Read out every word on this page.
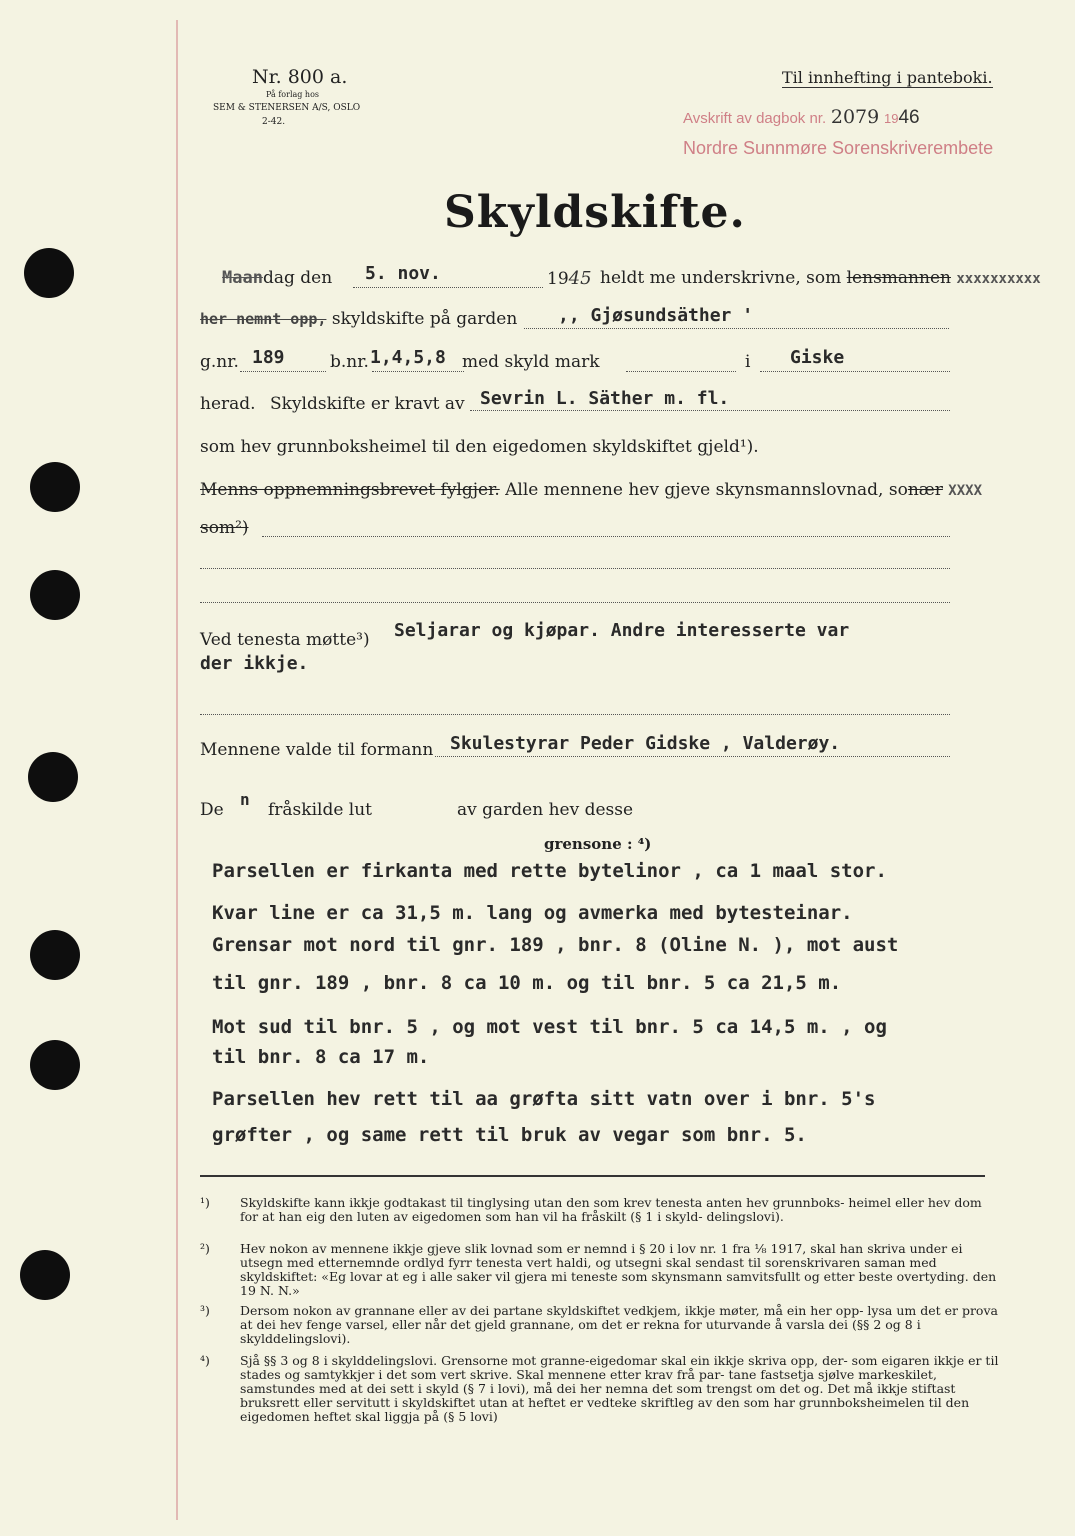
Nr. 800 a.
På forlag hos
SEM & STENERSEN A/S, OSLO
2-42.
Til innhefting i panteboki.
Avskrift av dagbok nr. 2079 1946
Nordre Sunnmøre Sorenskriverembete
Skyldskifte.
Maandag den 5. nov.	1945 heldt me underskrivne, som lensmannen xxxxxxxxxx
her nemnt opp, skyldskifte på garden ,, Gjøsundsäther '
g.nr. 189	b.nr. 1,4,5,8 med skyld mark	i Giske
herad. Skyldskifte er kravt av Sevrin L. Säther m. fl.
som hev grunnboksheimel til den eigedomen skyldskiftet gjeld¹).
Menns oppnemningsbrevet fylgjer. Alle mennene hev gjeve skynsmannslovnad, sonær XXXX
som²)
Ved tenesta møtte³) Seljarar og kjøpar. Andre interesserte var
der ikkje.
Mennene valde til formann Skulestyrar Peder Gidske , Valderøy.
De
n
fråskilde lut	av garden hev desse
grensone : ⁴)
Parsellen er firkanta med rette bytelinor , ca 1 maal stor.
Kvar line er ca 31,5 m. lang og avmerka med bytesteinar.
Grensar mot nord til gnr. 189 , bnr. 8 (Oline N. ), mot aust
til gnr. 189 , bnr. 8 ca 10 m. og til bnr. 5 ca 21,5 m.
Mot sud til bnr. 5 , og mot vest til bnr. 5 ca 14,5 m. , og
til bnr. 8 ca 17 m.
Parsellen hev rett til aa grøfta sitt vatn over i bnr. 5's
grøfter , og same rett til bruk av vegar som bnr. 5.
¹)	Skyldskifte kann ikkje godtakast til tinglysing utan den som krev tenesta anten hev grunnboks- heimel eller hev dom for at han eig den luten av eigedomen som han vil ha fråskilt (§ 1 i skyld- delingslovi).
²)	Hev nokon av mennene ikkje gjeve slik lovnad som er nemnd i § 20 i lov nr. 1 fra ⅛ 1917, skal han skriva under ei utsegn med etternemnde ordlyd fyrr tenesta vert haldi, og utsegni skal sendast til sorenskrivaren saman med skyldskiftet: «Eg lovar at eg i alle saker vil gjera mi teneste som skynsmann samvitsfullt og etter beste overtyding. den 19 N. N.»
³)	Dersom nokon av grannane eller av dei partane skyldskiftet vedkjem, ikkje møter, må ein her opp- lysa um det er prova at dei hev fenge varsel, eller når det gjeld grannane, om det er rekna for uturvande å varsla dei (§§ 2 og 8 i skylddelingslovi).
⁴)	Sjå §§ 3 og 8 i skylddelingslovi. Grensorne mot granne-eigedomar skal ein ikkje skriva opp, der- som eigaren ikkje er til stades og samtykkjer i det som vert skrive. Skal mennene etter krav frå par- tane fastsetja sjølve markeskilet, samstundes med at dei sett i skyld (§ 7 i lovi), må dei her nemna det som trengst om det og. Det må ikkje stiftast bruksrett eller servitutt i skyldskiftet utan at heftet er vedteke skriftleg av den som har grunnboksheimelen til den eigedomen heftet skal liggja på (§ 5 lovi)
